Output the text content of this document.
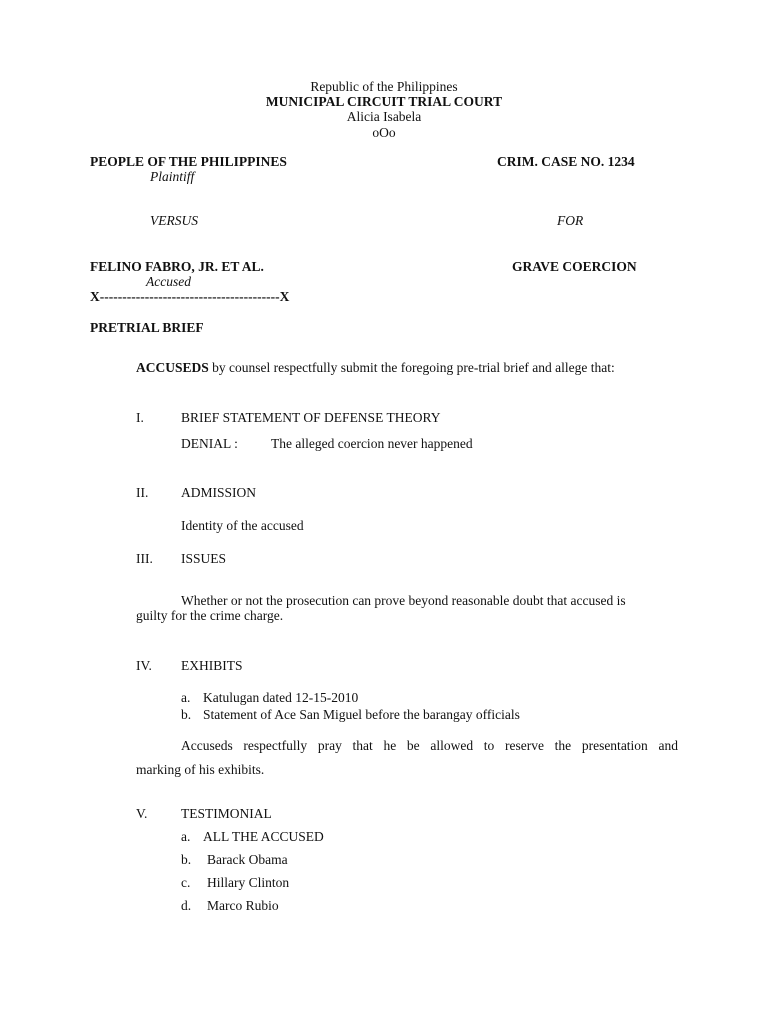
Republic of the Philippines
MUNICIPAL CIRCUIT TRIAL COURT
Alicia Isabela
oOo
PEOPLE OF THE PHILIPPINES	CRIM. CASE NO. 1234
Plaintiff
VERSUS	FOR
FELINO FABRO, JR. ET AL.	GRAVE COERCION
Accused
X----------------------------------------X
PRETRIAL BRIEF
ACCUSEDS by counsel respectfully submit the foregoing pre-trial brief and allege that:
I.	BRIEF STATEMENT OF DEFENSE THEORY
DENIAL : The alleged coercion never happened
II. ADMISSION
Identity of the accused
III. ISSUES
Whether or not the prosecution can prove beyond reasonable doubt that accused is
guilty for the crime charge.
IV. EXHIBITS
a. Katulugan dated 12-15-2010
b. Statement of Ace San Miguel before the barangay officials
Accuseds respectfully pray that he be allowed to reserve the presentation and
marking of his exhibits.
V. TESTIMONIAL
a. ALL THE ACCUSED
b. Barack Obama
c. Hillary Clinton
d. Marco Rubio
